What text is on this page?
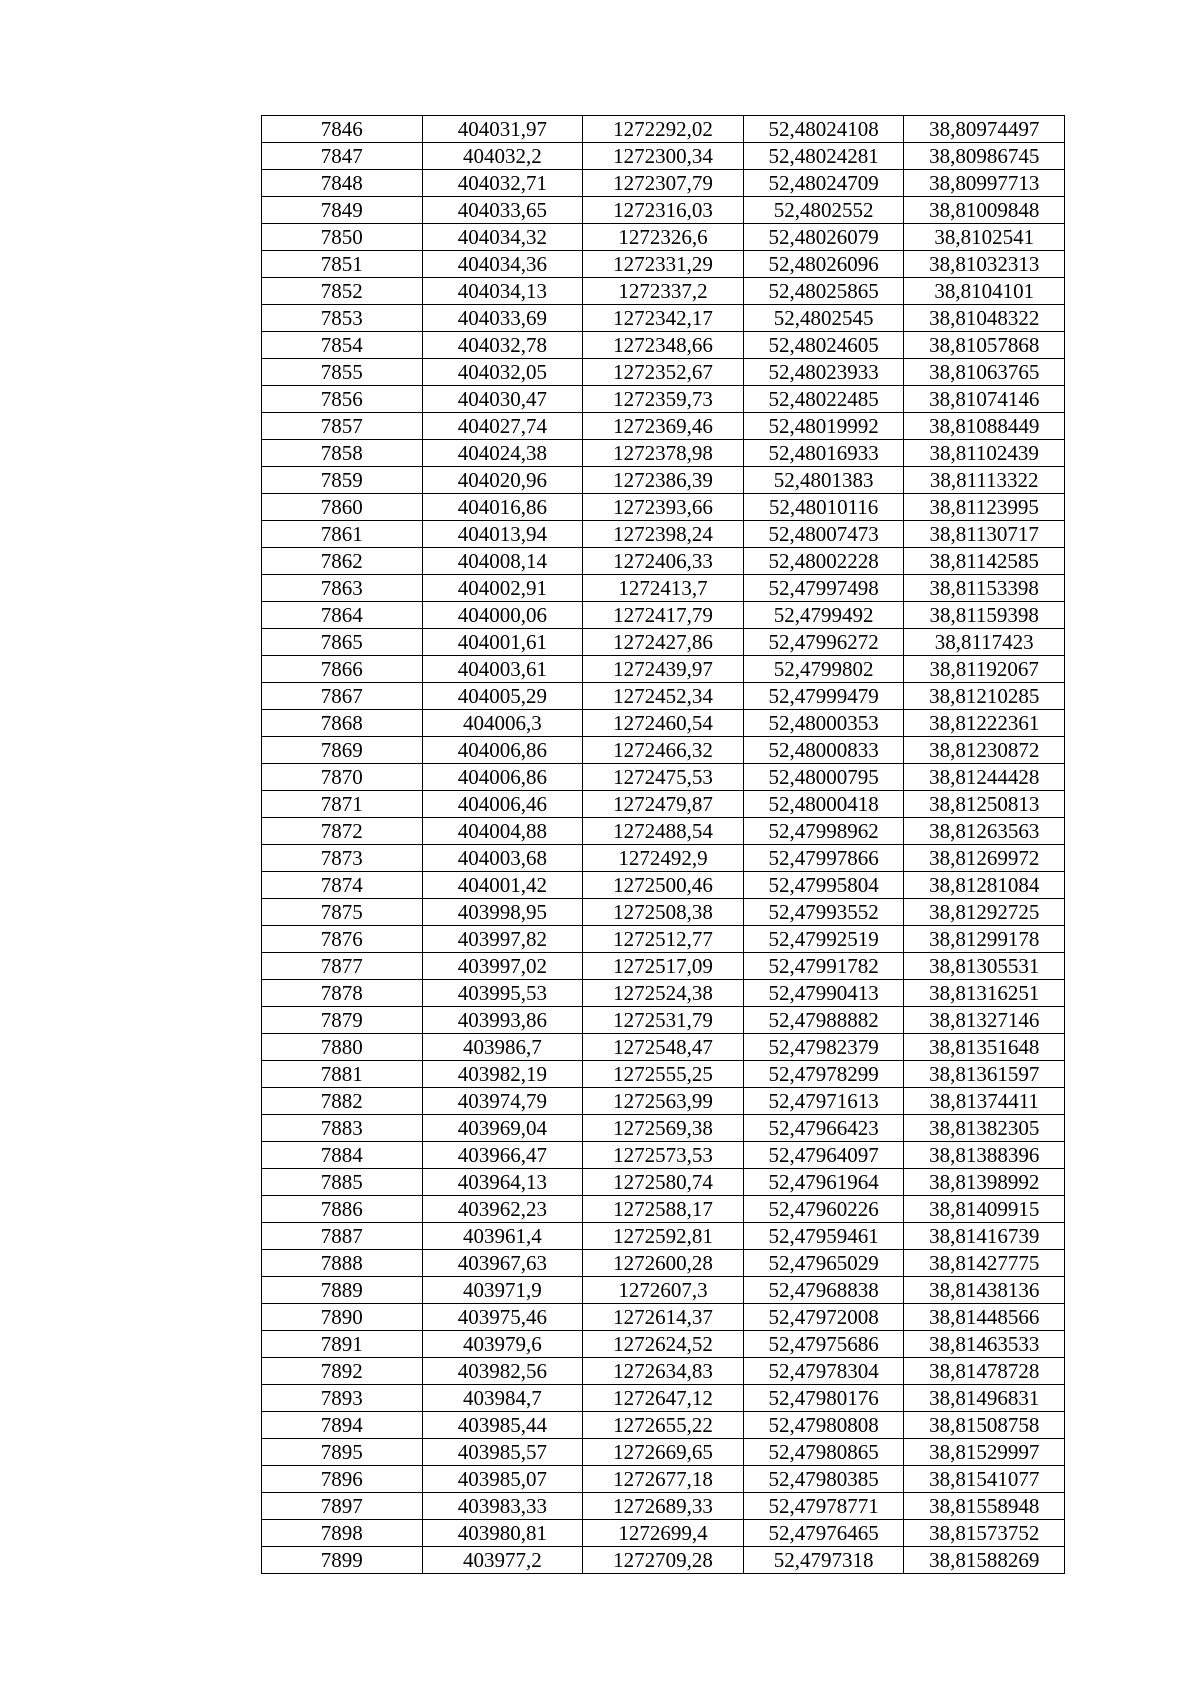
7846	404031,97	1272292,02	52,48024108	38,80974497
7847	404032,2	1272300,34	52,48024281	38,80986745
7848	404032,71	1272307,79	52,48024709	38,80997713
7849	404033,65	1272316,03	52,4802552	38,81009848
7850	404034,32	1272326,6	52,48026079	38,8102541
7851	404034,36	1272331,29	52,48026096	38,81032313
7852	404034,13	1272337,2	52,48025865	38,8104101
7853	404033,69	1272342,17	52,4802545	38,81048322
7854	404032,78	1272348,66	52,48024605	38,81057868
7855	404032,05	1272352,67	52,48023933	38,81063765
7856	404030,47	1272359,73	52,48022485	38,81074146
7857	404027,74	1272369,46	52,48019992	38,81088449
7858	404024,38	1272378,98	52,48016933	38,81102439
7859	404020,96	1272386,39	52,4801383	38,81113322
7860	404016,86	1272393,66	52,48010116	38,81123995
7861	404013,94	1272398,24	52,48007473	38,81130717
7862	404008,14	1272406,33	52,48002228	38,81142585
7863	404002,91	1272413,7	52,47997498	38,81153398
7864	404000,06	1272417,79	52,4799492	38,81159398
7865	404001,61	1272427,86	52,47996272	38,8117423
7866	404003,61	1272439,97	52,4799802	38,81192067
7867	404005,29	1272452,34	52,47999479	38,81210285
7868	404006,3	1272460,54	52,48000353	38,81222361
7869	404006,86	1272466,32	52,48000833	38,81230872
7870	404006,86	1272475,53	52,48000795	38,81244428
7871	404006,46	1272479,87	52,48000418	38,81250813
7872	404004,88	1272488,54	52,47998962	38,81263563
7873	404003,68	1272492,9	52,47997866	38,81269972
7874	404001,42	1272500,46	52,47995804	38,81281084
7875	403998,95	1272508,38	52,47993552	38,81292725
7876	403997,82	1272512,77	52,47992519	38,81299178
7877	403997,02	1272517,09	52,47991782	38,81305531
7878	403995,53	1272524,38	52,47990413	38,81316251
7879	403993,86	1272531,79	52,47988882	38,81327146
7880	403986,7	1272548,47	52,47982379	38,81351648
7881	403982,19	1272555,25	52,47978299	38,81361597
7882	403974,79	1272563,99	52,47971613	38,81374411
7883	403969,04	1272569,38	52,47966423	38,81382305
7884	403966,47	1272573,53	52,47964097	38,81388396
7885	403964,13	1272580,74	52,47961964	38,81398992
7886	403962,23	1272588,17	52,47960226	38,81409915
7887	403961,4	1272592,81	52,47959461	38,81416739
7888	403967,63	1272600,28	52,47965029	38,81427775
7889	403971,9	1272607,3	52,47968838	38,81438136
7890	403975,46	1272614,37	52,47972008	38,81448566
7891	403979,6	1272624,52	52,47975686	38,81463533
7892	403982,56	1272634,83	52,47978304	38,81478728
7893	403984,7	1272647,12	52,47980176	38,81496831
7894	403985,44	1272655,22	52,47980808	38,81508758
7895	403985,57	1272669,65	52,47980865	38,81529997
7896	403985,07	1272677,18	52,47980385	38,81541077
7897	403983,33	1272689,33	52,47978771	38,81558948
7898	403980,81	1272699,4	52,47976465	38,81573752
7899	403977,2	1272709,28	52,4797318	38,81588269
